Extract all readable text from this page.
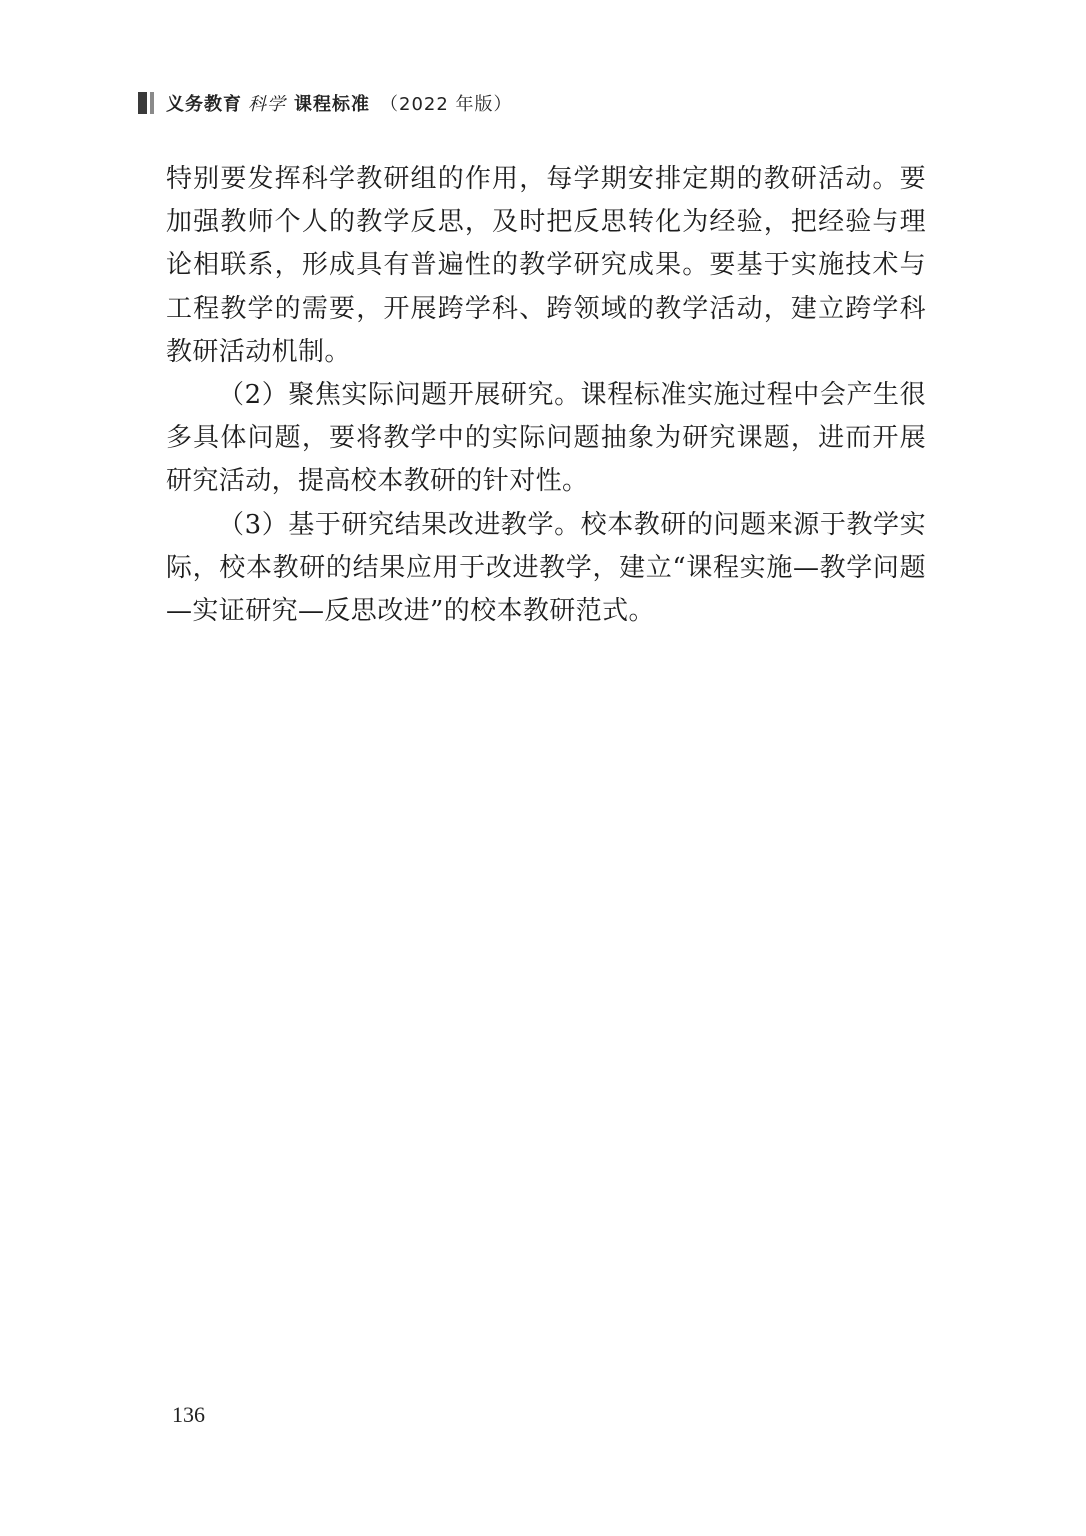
义务教育 科学 课程标准 （2022 年版）

特别要发挥科学教研组的作用，每学期安排定期的教研活动。要加强教师个人的教学反思，及时把反思转化为经验，把经验与理论相联系，形成具有普遍性的教学研究成果。要基于实施技术与工程教学的需要，开展跨学科、跨领域的教学活动，建立跨学科教研活动机制。

（2）聚焦实际问题开展研究。课程标准实施过程中会产生很多具体问题，要将教学中的实际问题抽象为研究课题，进而开展研究活动，提高校本教研的针对性。

（3）基于研究结果改进教学。校本教研的问题来源于教学实际，校本教研的结果应用于改进教学，建立“课程实施—教学问题—实证研究—反思改进”的校本教研范式。

136
